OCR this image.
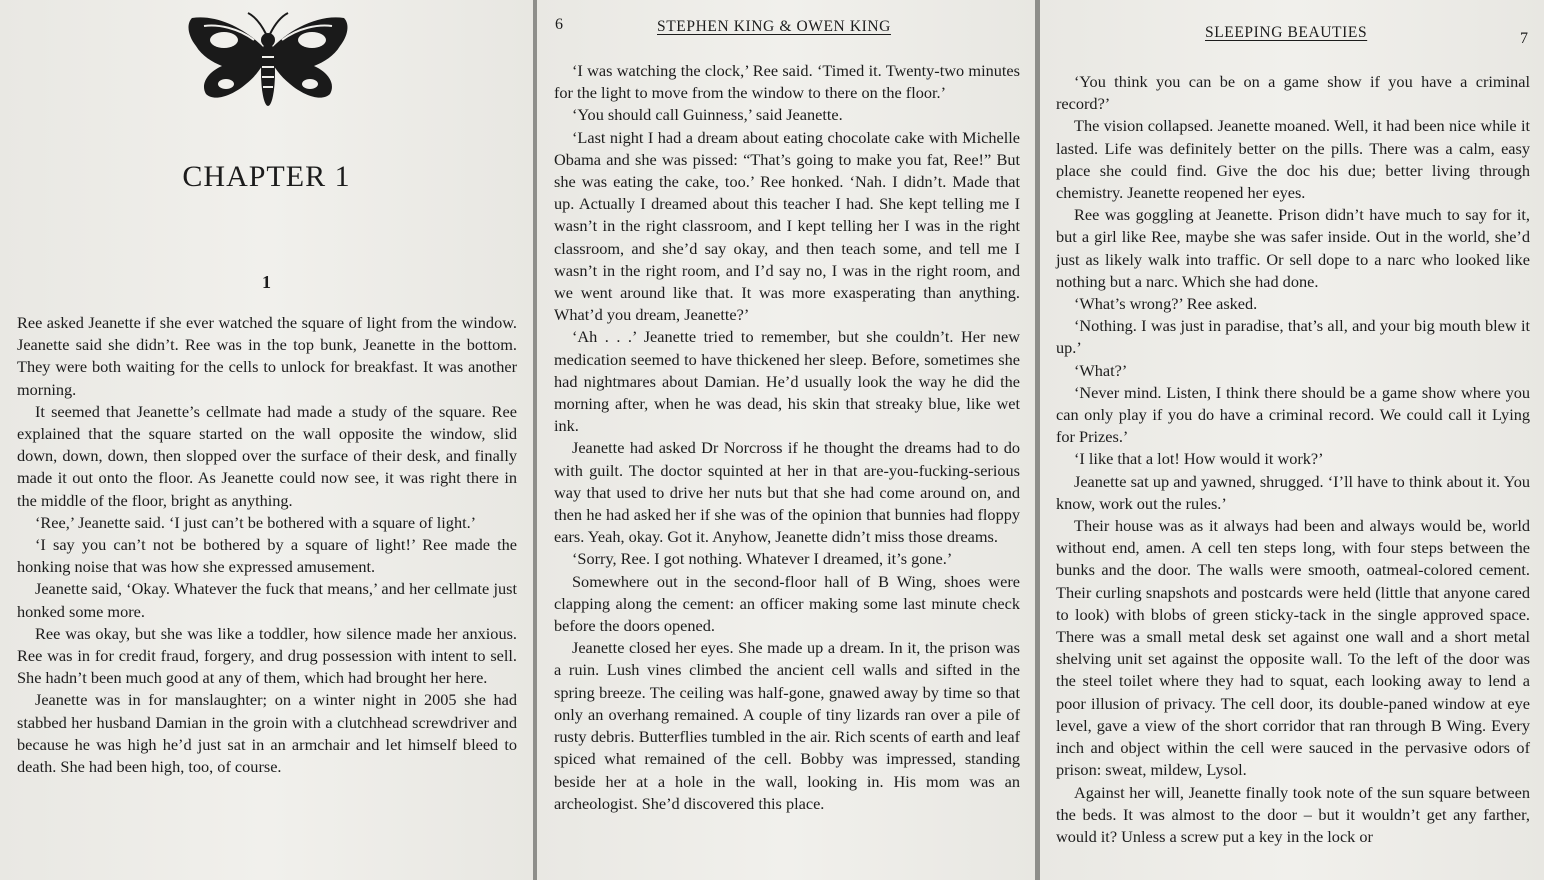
CHAPTER 1
1

Ree asked Jeanette if she ever watched the square of light from the window. Jeanette said she didn’t. Ree was in the top bunk, Jeanette in the bottom. They were both waiting for the cells to unlock for breakfast. It was another morning.

It seemed that Jeanette’s cellmate had made a study of the square. Ree explained that the square started on the wall opposite the window, slid down, down, down, then slopped over the surface of their desk, and finally made it out onto the floor. As Jeanette could now see, it was right there in the middle of the floor, bright as anything.

‘Ree,’ Jeanette said. ‘I just can’t be bothered with a square of light.’

‘I say you can’t not be bothered by a square of light!’ Ree made the honking noise that was how she expressed amusement.

Jeanette said, ‘Okay. Whatever the fuck that means,’ and her cellmate just honked some more.

Ree was okay, but she was like a toddler, how silence made her anxious. Ree was in for credit fraud, forgery, and drug possession with intent to sell. She hadn’t been much good at any of them, which had brought her here.

Jeanette was in for manslaughter; on a winter night in 2005 she had stabbed her husband Damian in the groin with a clutchhead screwdriver and because he was high he’d just sat in an armchair and let himself bleed to death. She had been high, too, of course.

6	STEPHEN KING & OWEN KING

‘I was watching the clock,’ Ree said. ‘Timed it. Twenty-two minutes for the light to move from the window to there on the floor.’

‘You should call Guinness,’ said Jeanette.

‘Last night I had a dream about eating chocolate cake with Michelle Obama and she was pissed: “That’s going to make you fat, Ree!” But she was eating the cake, too.’ Ree honked. ‘Nah. I didn’t. Made that up. Actually I dreamed about this teacher I had. She kept telling me I wasn’t in the right classroom, and I kept telling her I was in the right classroom, and she’d say okay, and then teach some, and tell me I wasn’t in the right room, and I’d say no, I was in the right room, and we went around like that. It was more exasperating than anything. What’d you dream, Jeanette?’

‘Ah . . .’ Jeanette tried to remember, but she couldn’t. Her new medication seemed to have thickened her sleep. Before, sometimes she had nightmares about Damian. He’d usually look the way he did the morning after, when he was dead, his skin that streaky blue, like wet ink.

Jeanette had asked Dr Norcross if he thought the dreams had to do with guilt. The doctor squinted at her in that are-you-fucking-serious way that used to drive her nuts but that she had come around on, and then he had asked her if she was of the opinion that bunnies had floppy ears. Yeah, okay. Got it. Anyhow, Jeanette didn’t miss those dreams.

‘Sorry, Ree. I got nothing. Whatever I dreamed, it’s gone.’

Somewhere out in the second-floor hall of B Wing, shoes were clapping along the cement: an officer making some last minute check before the doors opened.

Jeanette closed her eyes. She made up a dream. In it, the prison was a ruin. Lush vines climbed the ancient cell walls and sifted in the spring breeze. The ceiling was half-gone, gnawed away by time so that only an overhang remained. A couple of tiny lizards ran over a pile of rusty debris. Butterflies tumbled in the air. Rich scents of earth and leaf spiced what remained of the cell. Bobby was impressed, standing beside her at a hole in the wall, looking in. His mom was an archeologist. She’d discovered this place.

SLEEPING BEAUTIES	7

‘You think you can be on a game show if you have a criminal record?’

The vision collapsed. Jeanette moaned. Well, it had been nice while it lasted. Life was definitely better on the pills. There was a calm, easy place she could find. Give the doc his due; better living through chemistry. Jeanette reopened her eyes.

Ree was goggling at Jeanette. Prison didn’t have much to say for it, but a girl like Ree, maybe she was safer inside. Out in the world, she’d just as likely walk into traffic. Or sell dope to a narc who looked like nothing but a narc. Which she had done.

‘What’s wrong?’ Ree asked.

‘Nothing. I was just in paradise, that’s all, and your big mouth blew it up.’

‘What?’

‘Never mind. Listen, I think there should be a game show where you can only play if you do have a criminal record. We could call it Lying for Prizes.’

‘I like that a lot! How would it work?’

Jeanette sat up and yawned, shrugged. ‘I’ll have to think about it. You know, work out the rules.’

Their house was as it always had been and always would be, world without end, amen. A cell ten steps long, with four steps between the bunks and the door. The walls were smooth, oatmeal-colored cement. Their curling snapshots and postcards were held (little that anyone cared to look) with blobs of green sticky-tack in the single approved space. There was a small metal desk set against one wall and a short metal shelving unit set against the opposite wall. To the left of the door was the steel toilet where they had to squat, each looking away to lend a poor illusion of privacy. The cell door, its double-paned window at eye level, gave a view of the short corridor that ran through B Wing. Every inch and object within the cell were sauced in the pervasive odors of prison: sweat, mildew, Lysol.

Against her will, Jeanette finally took note of the sun square between the beds. It was almost to the door – but it wouldn’t get any farther, would it? Unless a screw put a key in the lock or
